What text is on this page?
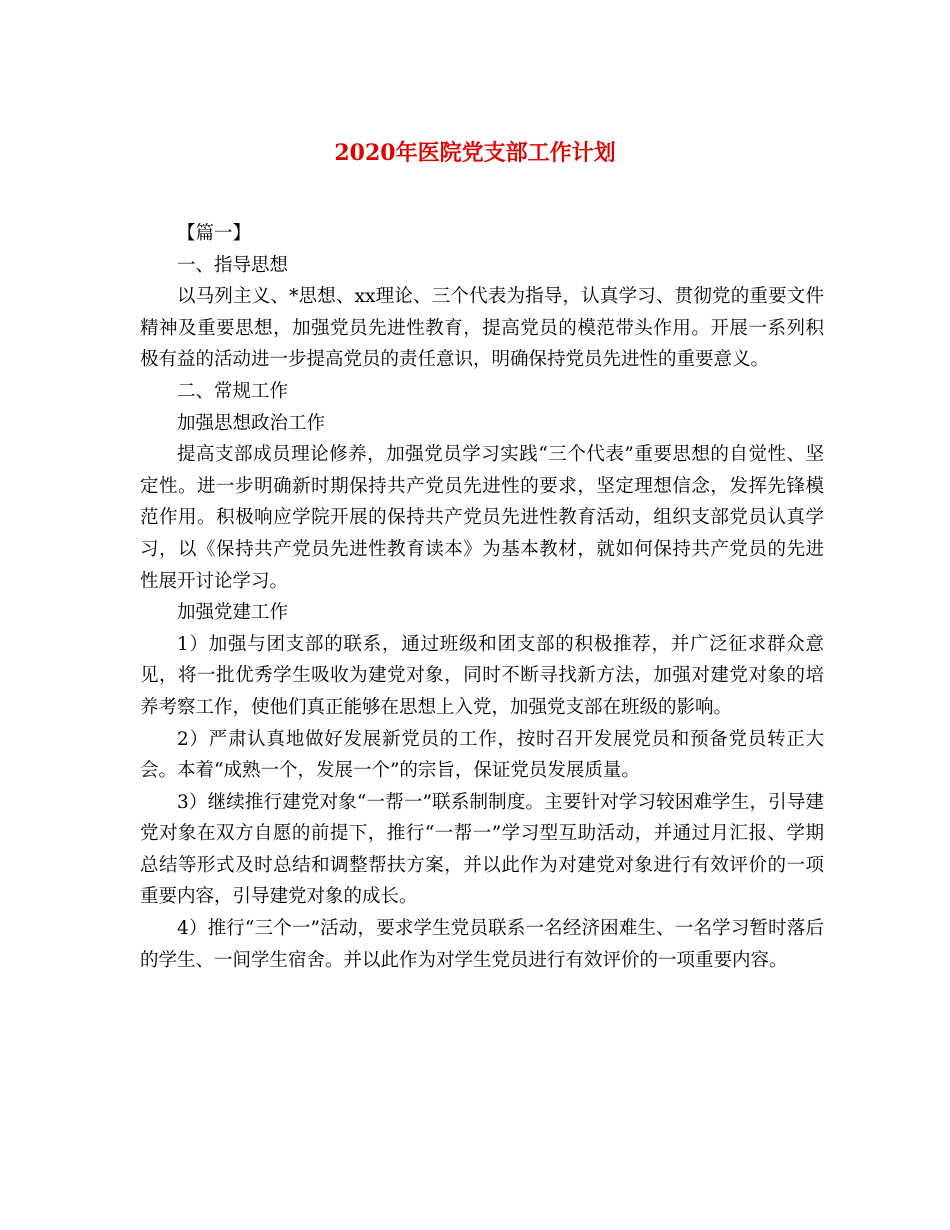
2020年医院党支部工作计划

【篇一】

一、指导思想

以马列主义、*思想、xx理论、三个代表为指导，认真学习、贯彻党的重要文件精神及重要思想，加强党员先进性教育，提高党员的模范带头作用。开展一系列积极有益的活动进一步提高党员的责任意识，明确保持党员先进性的重要意义。

二、常规工作

加强思想政治工作

提高支部成员理论修养，加强党员学习实践“三个代表”重要思想的自觉性、坚定性。进一步明确新时期保持共产党员先进性的要求，坚定理想信念，发挥先锋模范作用。积极响应学院开展的保持共产党员先进性教育活动，组织支部党员认真学习，以《保持共产党员先进性教育读本》为基本教材，就如何保持共产党员的先进性展开讨论学习。

加强党建工作

1）加强与团支部的联系，通过班级和团支部的积极推荐，并广泛征求群众意见，将一批优秀学生吸收为建党对象，同时不断寻找新方法，加强对建党对象的培养考察工作，使他们真正能够在思想上入党，加强党支部在班级的影响。

2）严肃认真地做好发展新党员的工作，按时召开发展党员和预备党员转正大会。本着“成熟一个，发展一个”的宗旨，保证党员发展质量。

3）继续推行建党对象“一帮一”联系制制度。主要针对学习较困难学生，引导建党对象在双方自愿的前提下，推行“一帮一”学习型互助活动，并通过月汇报、学期总结等形式及时总结和调整帮扶方案，并以此作为对建党对象进行有效评价的一项重要内容，引导建党对象的成长。

4）推行“三个一”活动，要求学生党员联系一名经济困难生、一名学习暂时落后的学生、一间学生宿舍。并以此作为对学生党员进行有效评价的一项重要内容。
